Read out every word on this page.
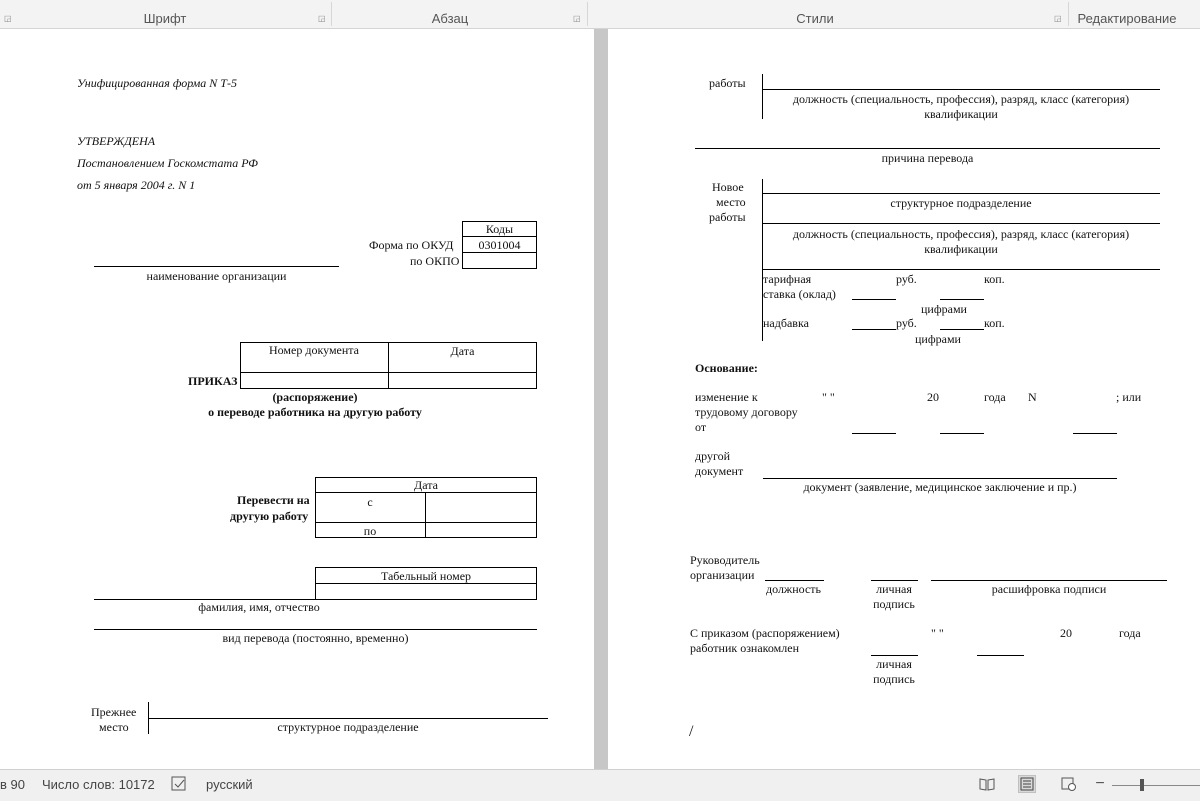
Шрифт	◲	Абзац	◲	Стили	◲	Редактирование
◲
Унифицированная форма N Т-5
УТВЕРЖДЕНА
Постановлением Госкомстата РФ
от 5 января 2004 г. N 1
Коды
Форма по ОКУД	0301004
по ОКПО
наименование организации
Номер документа	Дата
ПРИКАЗ
(распоряжение)
о переводе работника на другую работу
Дата
с
по
Перевести на
другую работу
Табельный номер
фамилия, имя, отчество
вид перевода (постоянно, временно)
Прежнее
место	структурное подразделение
работы
должность (специальность, профессия), разряд, класс (категория)
квалификации
причина перевода
Новое
место
работы
структурное подразделение
должность (специальность, профессия), разряд, класс (категория)
квалификации
тарифная
ставка (оклад)
руб.	коп.
цифрами
надбавка	руб.	коп.
цифрами
Основание:
изменение к
трудовому договору
от
" "	20	года N	; или
другой
документ
документ (заявление, медицинское заключение и пр.)
Руководитель
организации
должность	личная
подпись
расшифровка подписи
С приказом (распоряжением)
работник ознакомлен
" "	20	года
личная
подпись
/
в 90 Число слов: 10172	русский	−
